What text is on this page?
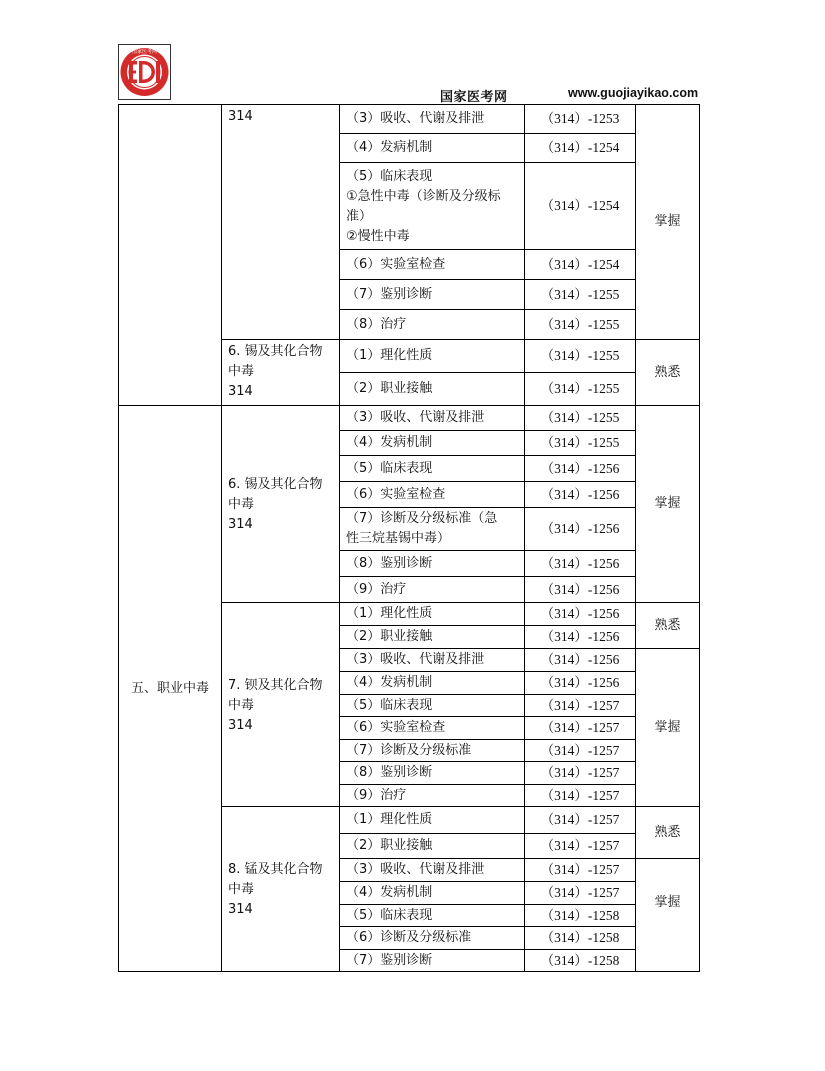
国家医考网
国家医考网	www.guojiayikao.com
	314	（3）吸收、代谢及排泄	（314）-1253	掌握
		（4）发病机制	（314）-1254	

		（5）临床表现
①急性中毒（诊断及分级标
准）
②慢性中毒	（314）-1254	
		（6）实验室检查	（314）-1254	
		（7）鉴别诊断	（314）-1255	
		（8）治疗	（314）-1255	

	6. 锡及其化合物
中毒
314	（1）理化性质	（314）-1255	熟悉
		（2）职业接触	（314）-1255	
五、职业中毒	6. 锡及其化合物
中毒
314	（3）吸收、代谢及排泄	（314）-1255	掌握
		（4）发病机制	（314）-1255	
		（5）临床表现	（314）-1256	
		（6）实验室检查	（314）-1256	

		（7）诊断及分级标准（急
性三烷基锡中毒）	（314）-1256	
		（8）鉴别诊断	（314）-1256	
		（9）治疗	（314）-1256	

	7. 钡及其化合物
中毒
314	（1）理化性质	（314）-1256	熟悉
		（2）职业接触	（314）-1256	
		（3）吸收、代谢及排泄	（314）-1256	掌握
		（4）发病机制	（314）-1256	
		（5）临床表现	（314）-1257	
		（6）实验室检查	（314）-1257	
		（7）诊断及分级标准	（314）-1257	
		（8）鉴别诊断	（314）-1257	
		（9）治疗	（314）-1257	

	8. 锰及其化合物
中毒
314	（1）理化性质	（314）-1257	熟悉
		（2）职业接触	（314）-1257	
		（3）吸收、代谢及排泄	（314）-1257	掌握

		（4）发病机制	（314）-1257	
		（5）临床表现	（314）-1258	
		（6）诊断及分级标准	（314）-1258	
		（7）鉴别诊断	（314）-1258	
